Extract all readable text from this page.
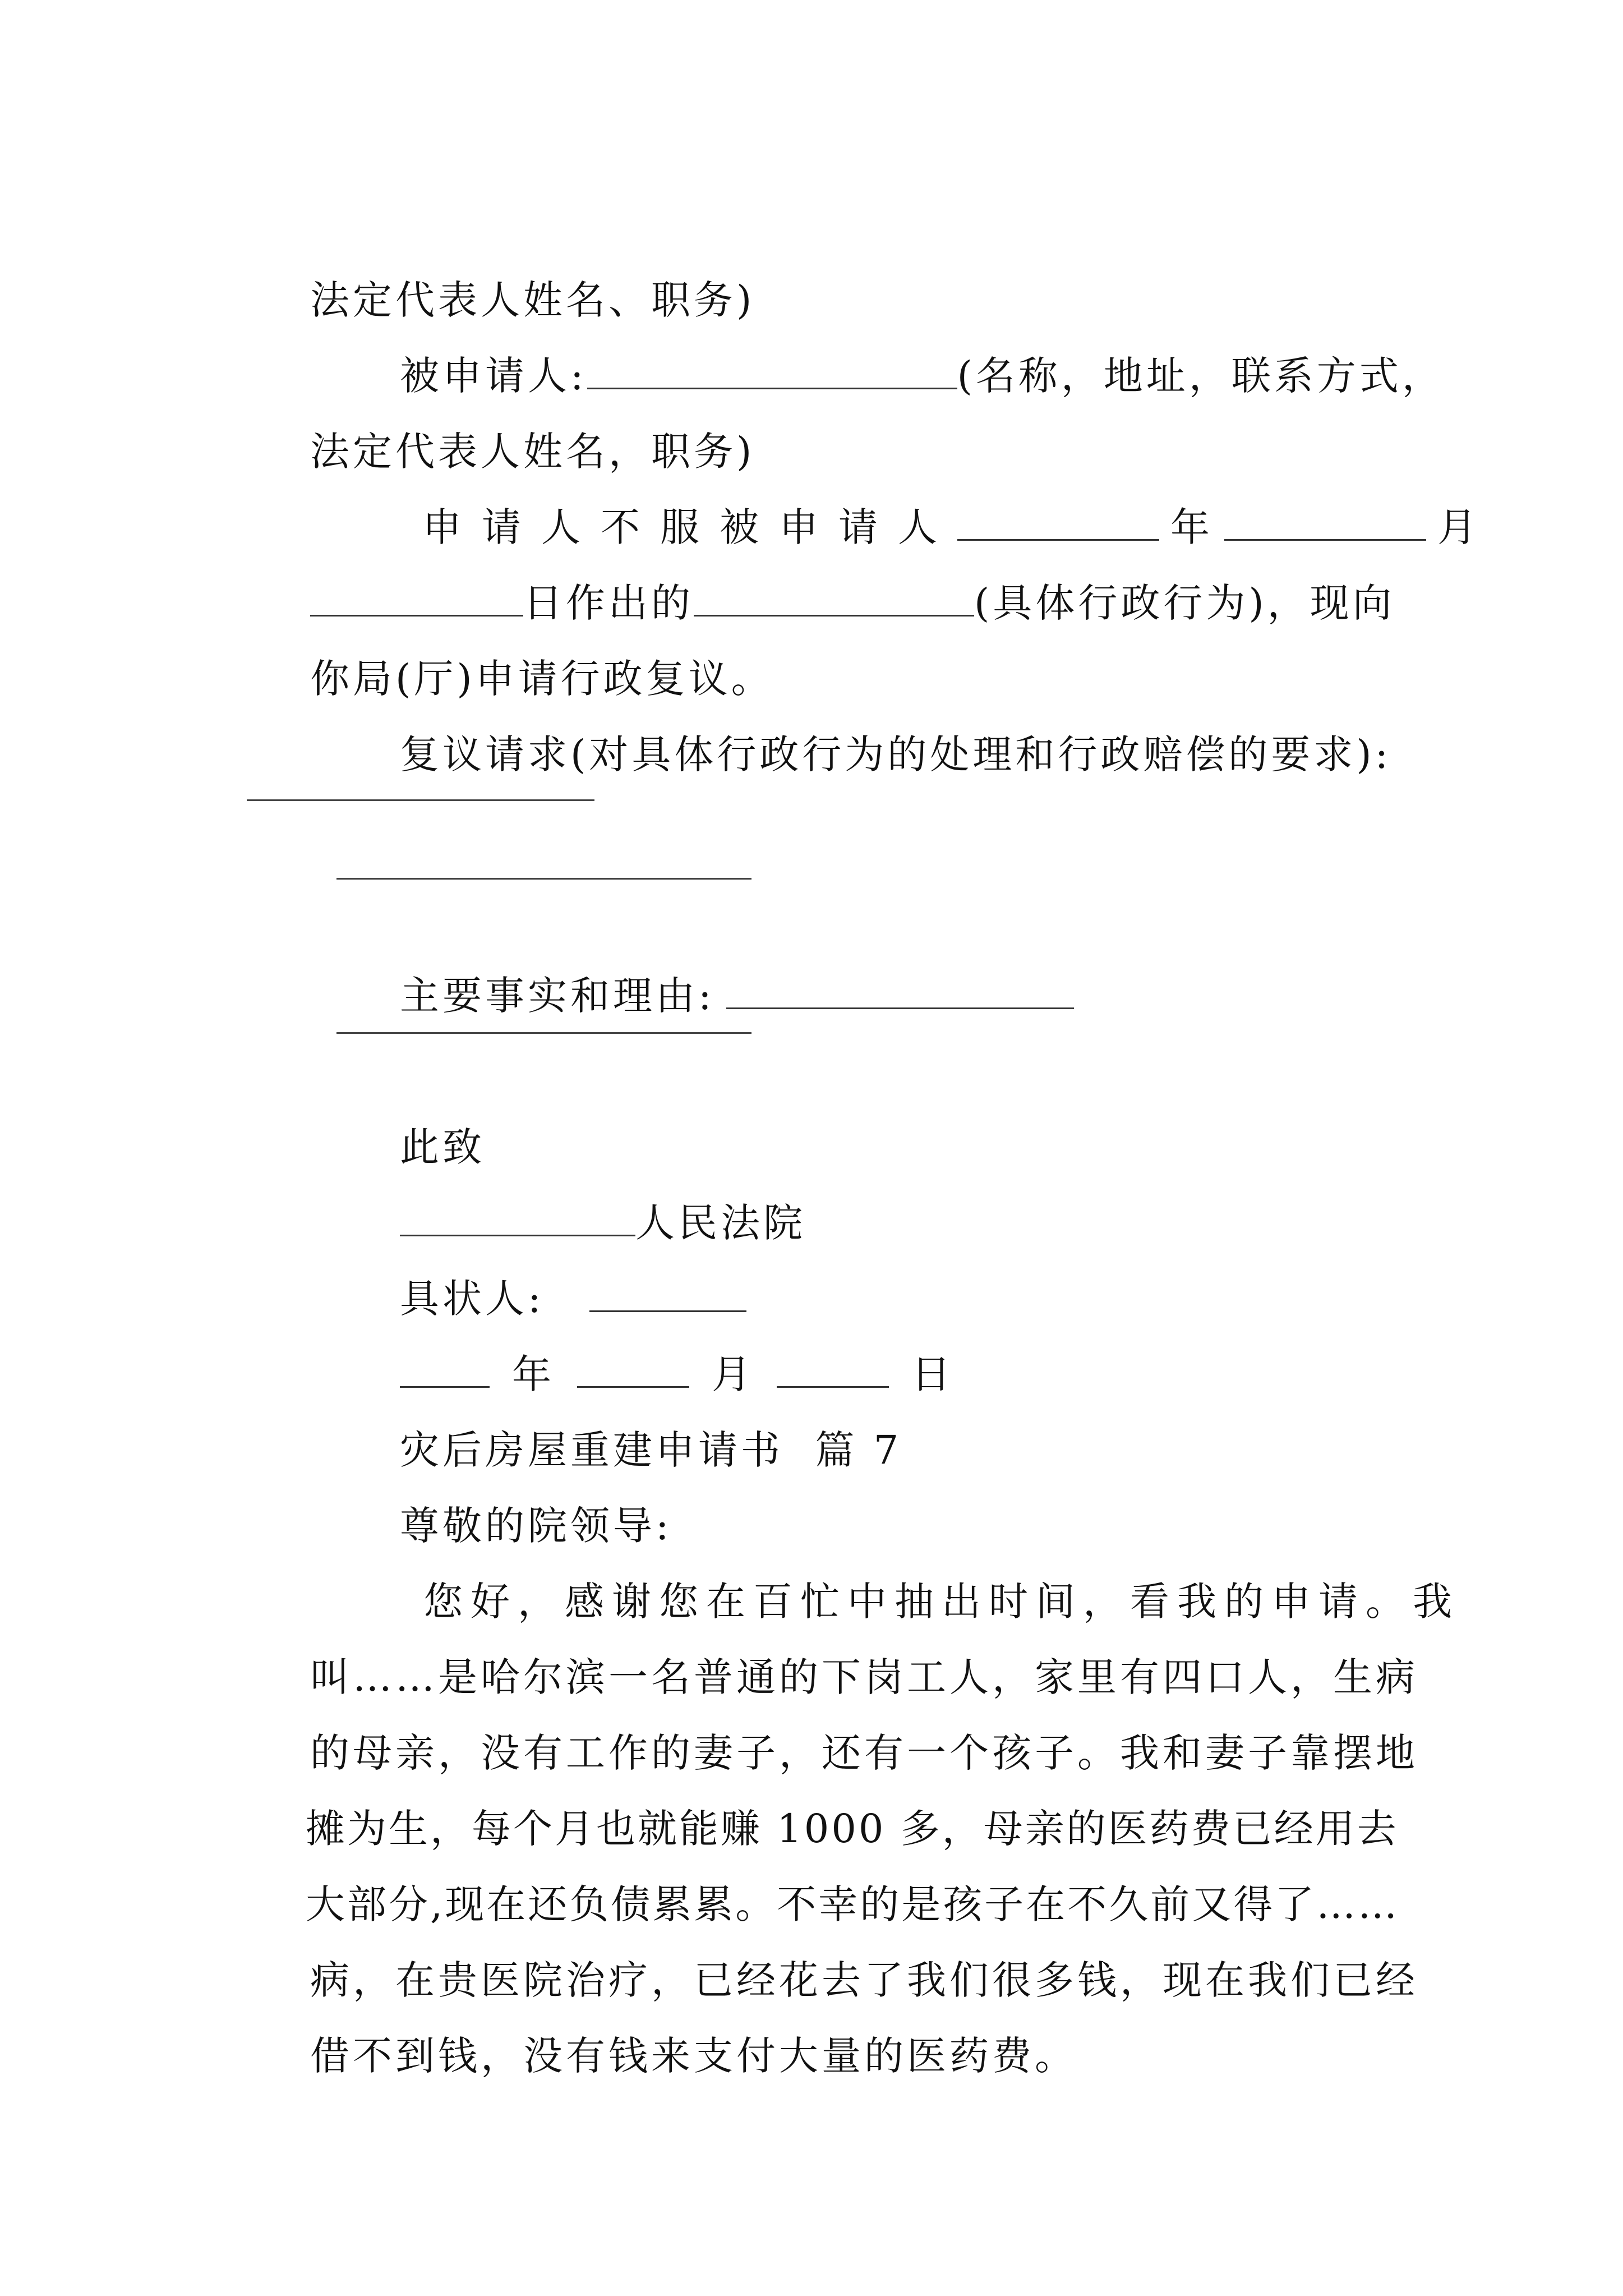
法定代表人姓名、职务)

被申请人:	(名称，地址，联系方式，

法定代表人姓名，职务)

申请人不服被申请人	年	月

日作出的	(具体行政行为)，现向

你局(厅)申请行政复议。

复议请求(对具体行政行为的处理和行政赔偿的要求):

主要事实和理由:

此致

人民法院

具状人:

年	月	日

灾后房屋重建申请书  篇 7

尊敬的院领导:

您好，感谢您在百忙中抽出时间，看我的申请。我

叫……是哈尔滨一名普通的下岗工人，家里有四口人，生病

的母亲，没有工作的妻子，还有一个孩子。我和妻子靠摆地

摊为生，每个月也就能赚 1000 多，母亲的医药费已经用去

大部分,现在还负债累累。不幸的是孩子在不久前又得了……

病，在贵医院治疗，已经花去了我们很多钱，现在我们已经

借不到钱，没有钱来支付大量的医药费。
